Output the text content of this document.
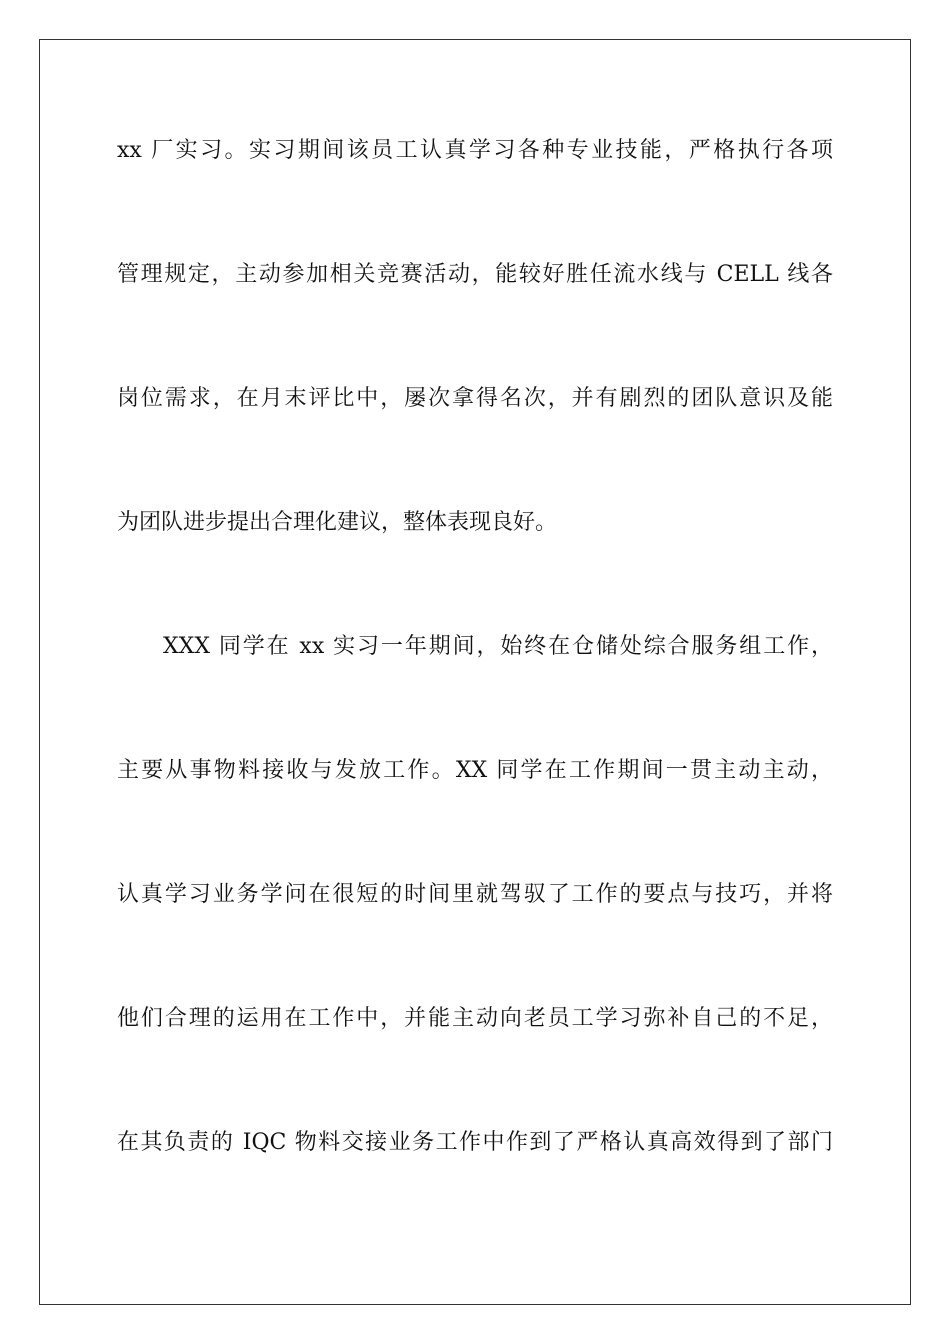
xx 厂实习。实习期间该员工认真学习各种专业技能，严格执行各项
管理规定，主动参加相关竞赛活动，能较好胜任流水线与 CELL 线各
岗位需求，在月末评比中，屡次拿得名次，并有剧烈的团队意识及能
为团队进步提出合理化建议，整体表现良好。
XXX 同学在 xx 实习一年期间，始终在仓储处综合服务组工作，
主要从事物料接收与发放工作。XX 同学在工作期间一贯主动主动，
认真学习业务学问在很短的时间里就驾驭了工作的要点与技巧，并将
他们合理的运用在工作中，并能主动向老员工学习弥补自己的不足，
在其负责的 IQC 物料交接业务工作中作到了严格认真高效得到了部门
